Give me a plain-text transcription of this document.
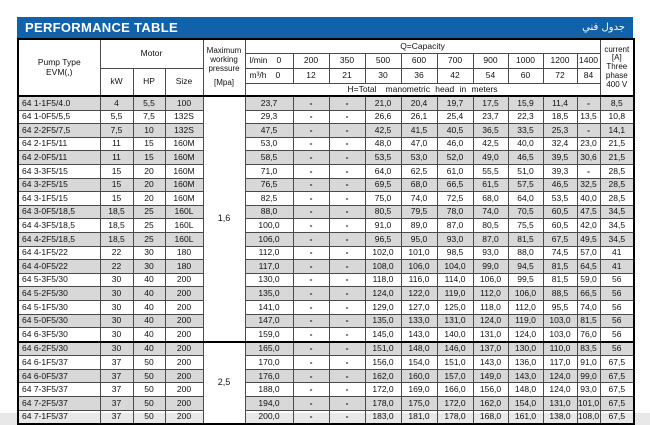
PERFORMANCE TABLE	جدول فني
Pump Type
EVM(,)	Motor			Maximum
working
pressure
[Mpa]	Q=Capacity										current
[A]
Three
phase
400 V
					l/min 0	200	350	500	600	700	900	1000	1200	1400	
	kW	HP	Size		m³/h 0	12	21	30	36	42	54	60	72	84	
					H=Total manometric head in meters										
64 1-1F5/4.0	4	5,5	100	1,6	23,7	-	-	21,0	20,4	19,7	17,5	15,9	11,4	-	8,5
64 1-0F5/5,5	5,5	7,5	132S		29,3	-	-	26,6	26,1	25,4	23,7	22,3	18,5	13,5	10,8
64 2-2F5/7,5	7,5	10	132S		47,5	-	-	42,5	41,5	40,5	36,5	33,5	25,3	-	14,1
64 2-1F5/11	11	15	160M		53,0	-	-	48,0	47,0	46,0	42,5	40,0	32,4	23,0	21,5
64 2-0F5/11	11	15	160M		58,5	-	-	53,5	53,0	52,0	49,0	46,5	39,5	30,6	21,5
64 3-3F5/15	15	20	160M		71,0	-	-	64,0	62,5	61,0	55,5	51,0	39,3	-	28,5
64 3-2F5/15	15	20	160M		76,5	-	-	69,5	68,0	66,5	61,5	57,5	46,5	32,5	28,5
64 3-1F5/15	15	20	160M		82,5	-	-	75,0	74,0	72,5	68,0	64,0	53,5	40,0	28,5
64 3-0F5/18,5	18,5	25	160L		88,0	-	-	80,5	79,5	78,0	74,0	70,5	60,5	47,5	34,5
64 4-3F5/18,5	18,5	25	160L		100,0	-	-	91,0	89,0	87,0	80,5	75,5	60,5	42,0	34,5
64 4-2F5/18,5	18,5	25	160L		106,0	-	-	96,5	95,0	93,0	87,0	81,5	67,5	49,5	34,5
64 4-1F5/22	22	30	180		112,0	-	-	102,0	101,0	98,5	93,0	88,0	74,5	57,0	41
64 4-0F5/22	22	30	180		117,0	-	-	108,0	106,0	104,0	99,0	94,5	81,5	64,5	41
64 5-3F5/30	30	40	200		130,0	-	-	118,0	116,0	114,0	106,0	99,5	81,5	59,0	56
64 5-2F5/30	30	40	200		135,0	-	-	124,0	122,0	119,0	112,0	106,0	88,5	66,5	56
64 5-1F5/30	30	40	200		141,0	-	-	129,0	127,0	125,0	118,0	112,0	95,5	74,0	56
64 5-0F5/30	30	40	200		147,0	-	-	135,0	133,0	131,0	124,0	119,0	103,0	81,5	56
64 6-3F5/30	30	40	200		159,0	-	-	145,0	143,0	140,0	131,0	124,0	103,0	76,0	56
64 6-2F5/30	30	40	200	2,5	165,0	-	-	151,0	148,0	146,0	137,0	130,0	110,0	83,5	56
64 6-1F5/37	37	50	200		170,0	-	-	156,0	154,0	151,0	143,0	136,0	117,0	91,0	67,5
64 6-0F5/37	37	50	200		176,0	-	-	162,0	160,0	157,0	149,0	143,0	124,0	99,0	67,5
64 7-3F5/37	37	50	200		188,0	-	-	172,0	169,0	166,0	156,0	148,0	124,0	93,0	67,5
64 7-2F5/37	37	50	200		194,0	-	-	178,0	175,0	172,0	162,0	154,0	131,0	101,0	67,5
64 7-1F5/37	37	50	200		200,0	-	-	183,0	181,0	178,0	168,0	161,0	138,0	108,0	67,5
